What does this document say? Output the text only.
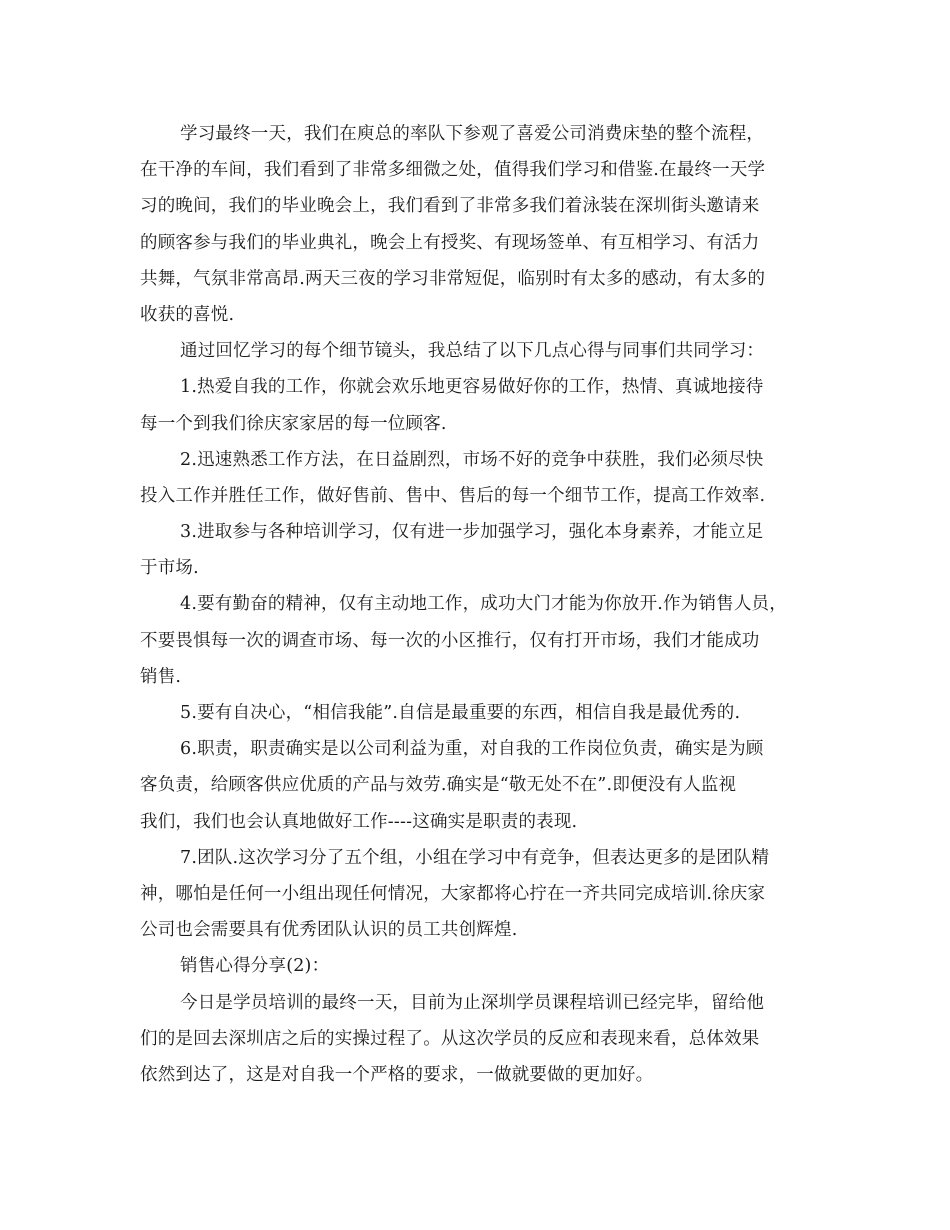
学习最终一天，我们在庾总的率队下参观了喜爱公司消费床垫的整个流程，
在干净的车间，我们看到了非常多细微之处，值得我们学习和借鉴.在最终一天学
习的晚间，我们的毕业晚会上，我们看到了非常多我们着泳装在深圳街头邀请来
的顾客参与我们的毕业典礼，晚会上有授奖、有现场签单、有互相学习、有活力
共舞，气氛非常高昂.两天三夜的学习非常短促，临别时有太多的感动，有太多的
收获的喜悦.
通过回忆学习的每个细节镜头，我总结了以下几点心得与同事们共同学习：
1.热爱自我的工作，你就会欢乐地更容易做好你的工作，热情、真诚地接待
每一个到我们徐庆家家居的每一位顾客.
2.迅速熟悉工作方法，在日益剧烈，市场不好的竞争中获胜，我们必须尽快
投入工作并胜任工作，做好售前、售中、售后的每一个细节工作，提高工作效率.
3.进取参与各种培训学习，仅有进一步加强学习，强化本身素养，才能立足
于市场.
4.要有勤奋的精神，仅有主动地工作，成功大门才能为你放开.作为销售人员，
不要畏惧每一次的调查市场、每一次的小区推行，仅有打开市场，我们才能成功
销售.
5.要有自决心，“相信我能”.自信是最重要的东西，相信自我是最优秀的.
6.职责，职责确实是以公司利益为重，对自我的工作岗位负责，确实是为顾
客负责，给顾客供应优质的产品与效劳.确实是“敬无处不在”.即便没有人监视
我们，我们也会认真地做好工作----这确实是职责的表现.
7.团队.这次学习分了五个组，小组在学习中有竞争，但表达更多的是团队精
神，哪怕是任何一小组出现任何情况，大家都将心拧在一齐共同完成培训.徐庆家
公司也会需要具有优秀团队认识的员工共创辉煌.
销售心得分享(2)：
今日是学员培训的最终一天，目前为止深圳学员课程培训已经完毕，留给他
们的是回去深圳店之后的实操过程了。从这次学员的反应和表现来看，总体效果
依然到达了，这是对自我一个严格的要求，一做就要做的更加好。
